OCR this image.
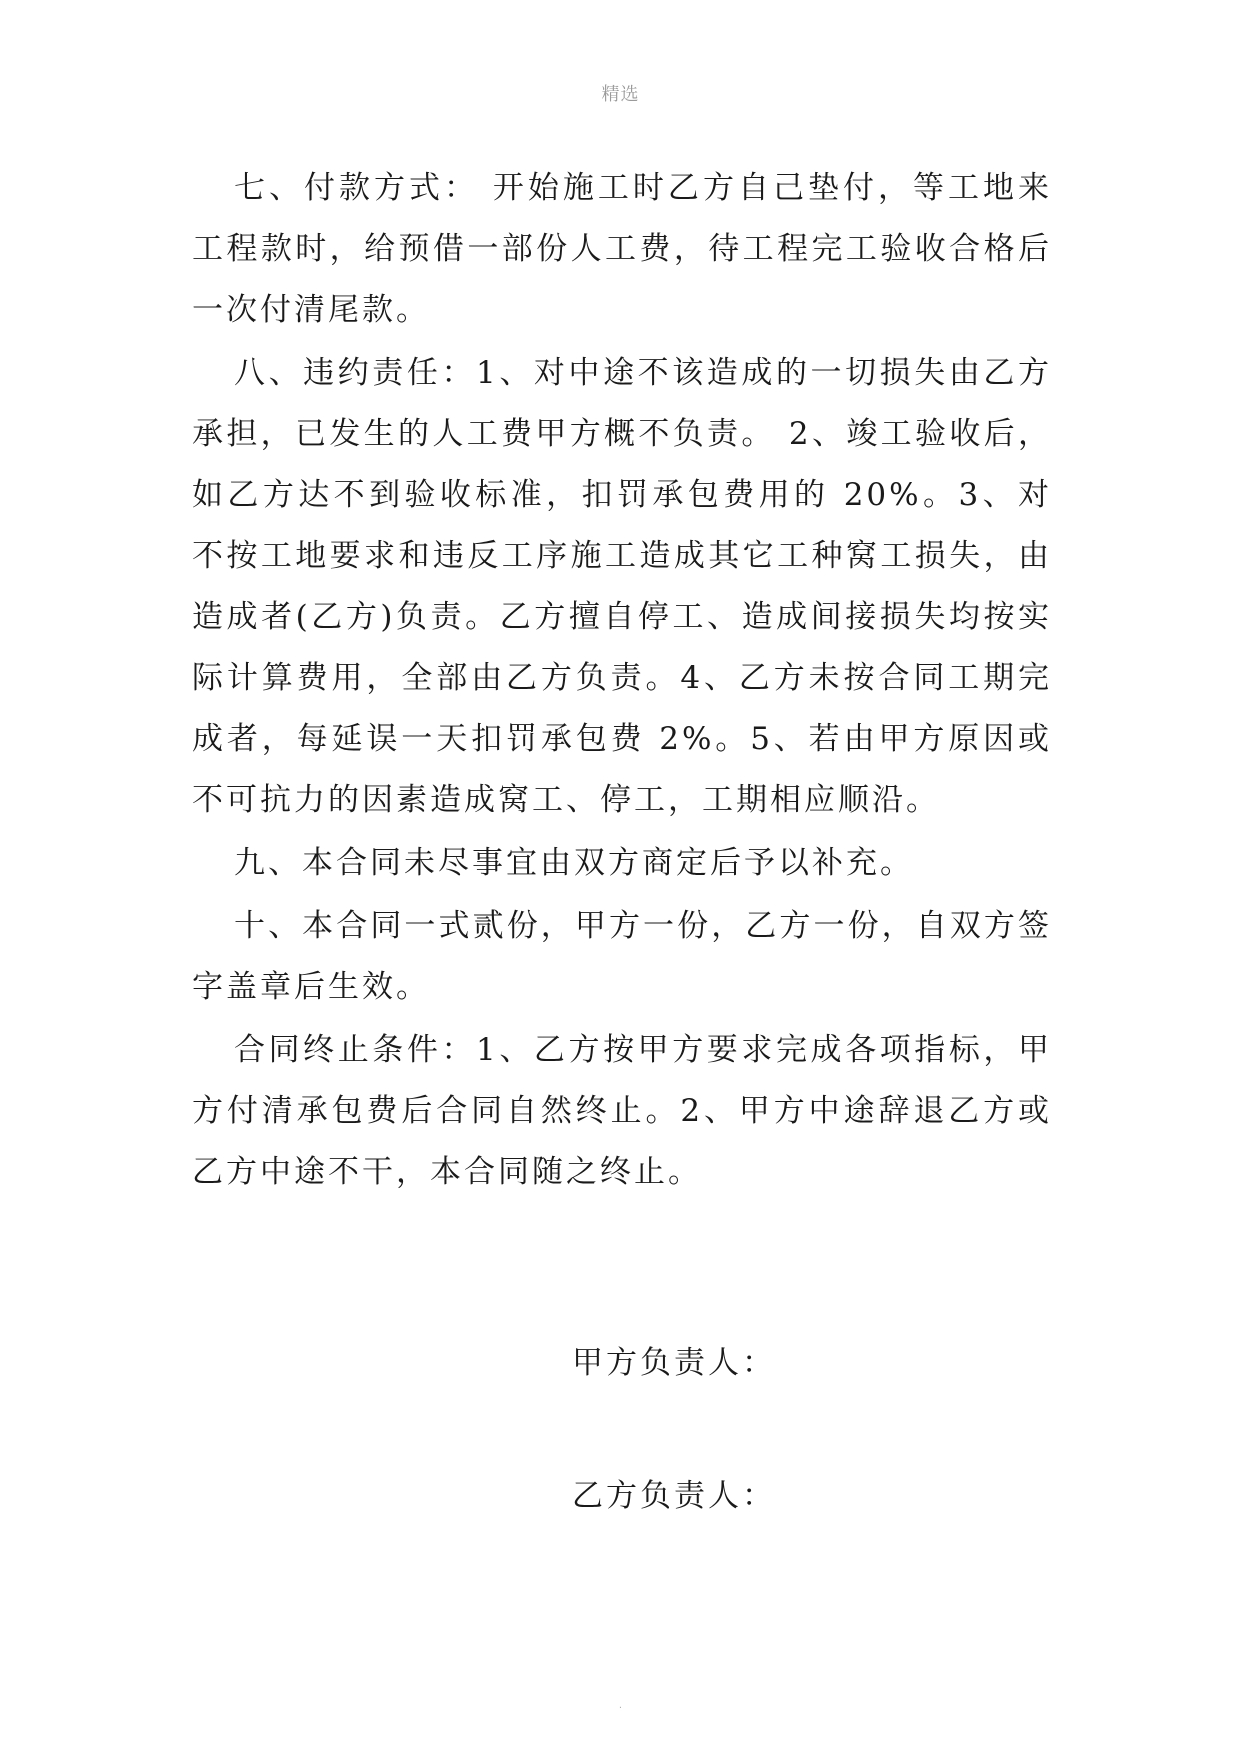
精选

七、付款方式： 开始施工时乙方自己垫付，等工地来工程款时，给预借一部份人工费，待工程完工验收合格后一次付清尾款。

八、违约责任：1、对中途不该造成的一切损失由乙方承担，已发生的人工费甲方概不负责。 2、竣工验收后，如乙方达不到验收标准，扣罚承包费用的 20%。3、对不按工地要求和违反工序施工造成其它工种窝工损失，由造成者(乙方)负责。乙方擅自停工、造成间接损失均按实际计算费用，全部由乙方负责。4、乙方未按合同工期完成者，每延误一天扣罚承包费 2%。5、若由甲方原因或不可抗力的因素造成窝工、停工，工期相应顺沿。

九、本合同未尽事宜由双方商定后予以补充。

十、本合同一式贰份，甲方一份，乙方一份，自双方签字盖章后生效。

合同终止条件：1、乙方按甲方要求完成各项指标，甲方付清承包费后合同自然终止。2、甲方中途辞退乙方或乙方中途不干，本合同随之终止。

甲方负责人：
乙方负责人：
.
